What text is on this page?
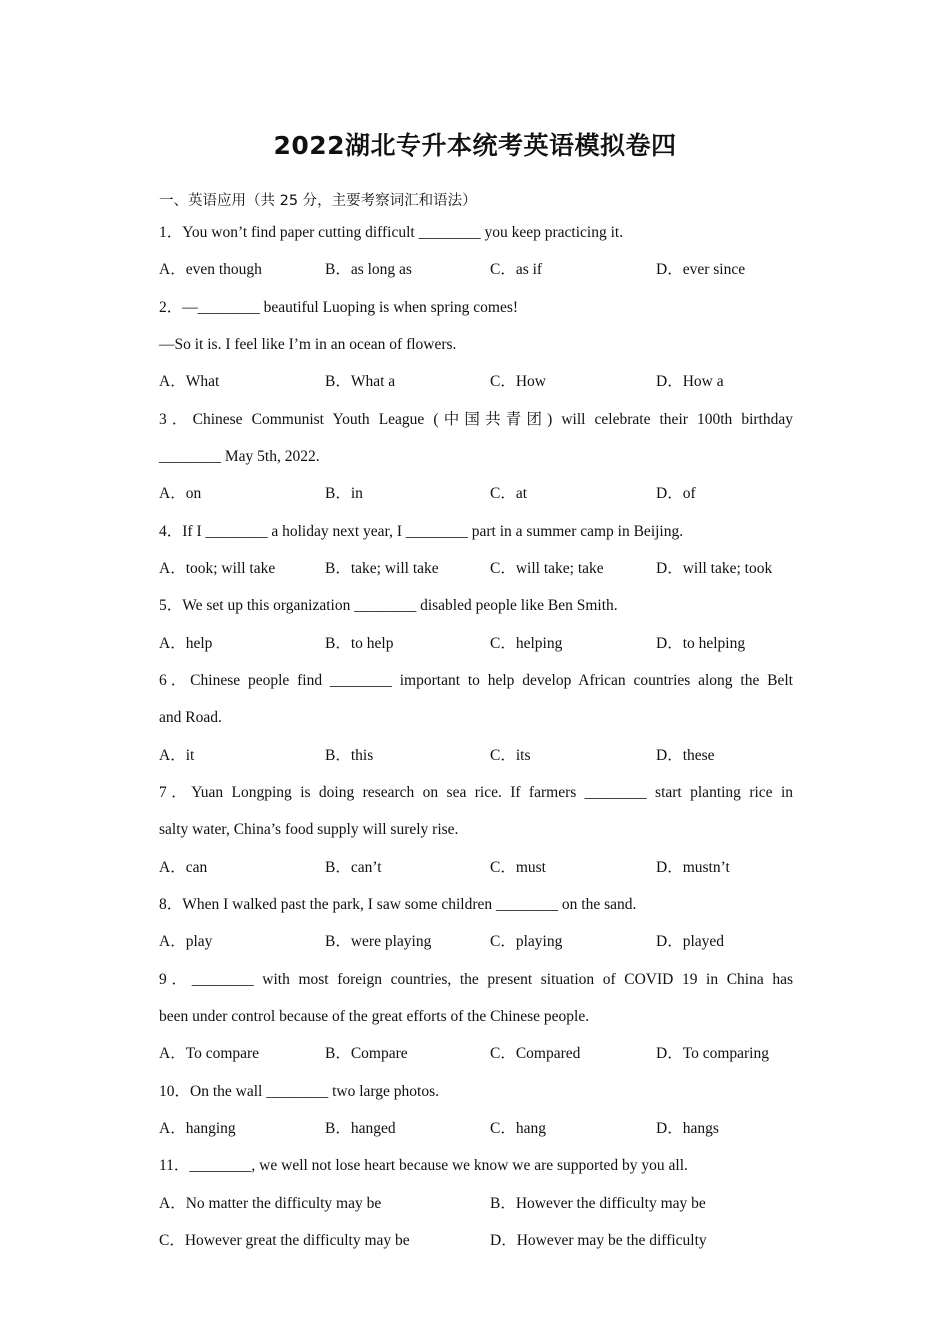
2022湖北专升本统考英语模拟卷四
一、英语应用（共 25 分，主要考察词汇和语法）
1．You won’t find paper cutting difficult ________ you keep practicing it.
A．even though	B．as long as	C．as if	D．ever since
2．—________ beautiful Luoping is when spring comes!
—So it is. I feel like I’m in an ocean of flowers.
A．What	B．What a	C．How	D．How a
3．Chinese Communist Youth League (中国共青团) will celebrate their 100th birthday
________ May 5th, 2022.
A．on	B．in	C．at	D．of
4．If I ________ a holiday next year, I ________ part in a summer camp in Beijing.
A．took; will take	B．take; will take	C．will take; take	D．will take; took
5．We set up this organization ________ disabled people like Ben Smith.
A．help	B．to help	C．helping	D．to helping
6．Chinese people find ________ important to help develop African countries along the Belt
and Road.
A．it	B．this	C．its	D．these
7．Yuan Longping is doing research on sea rice. If farmers ________ start planting rice in
salty water, China’s food supply will surely rise.
A．can	B．can’t	C．must	D．mustn’t
8．When I walked past the park, I saw some children ________ on the sand.
A．play	B．were playing	C．playing	D．played
9．________ with most foreign countries, the present situation of COVID 19 in China has
been under control because of the great efforts of the Chinese people.
A．To compare	B．Compare	C．Compared	D．To comparing
10．On the wall ________ two large photos.
A．hanging	B．hanged	C．hang	D．hangs
11．________, we well not lose heart because we know we are supported by you all.
A．No matter the difficulty may be	B．However the difficulty may be
C．However great the difficulty may be	D．However may be the difficulty
